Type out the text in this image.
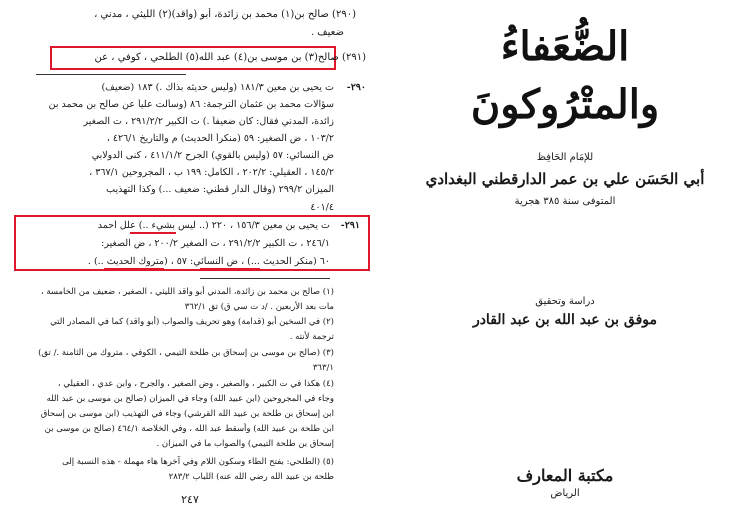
(٢٩٠) صالح بن(١) محمد بن زائدة، أبو (واقد)(٢) الليثي ، مدني ،
ضعيف .
(٢٩١) صالح(٣) بن موسى بن(٤) عبد الله(٥) الطلحي ، كوفي ، عن
٢٩٠-
ت يحيى بن معين ١٨١/٣ (وليس حديثه بذاك .) ١٨٣ (ضعيف)
سؤالات محمد بن عثمان الترجمة: ٨٦ (وسألت علياً عن صالح بن محمد بن
زائدة، المدني فقال: كان ضعيفاً .) ت الكبير ٢٩١/٢/٢ ، ت الصغير
١٠٣/٢ ، ض الصغير: ٥٩ (منكراً الحديث) م والتاريخ ٤٢٦/١ ،
ض النسائي: ٥٧ (وليس بالقوي) الجرح ٤١١/١/٢ ، كنى الدولابي
١٤٥/٢ ، العقيلي: ٢٠٢/٢ ، الكامل: ١٩٩ ب ، المجروحين ٣٦٧/١ ،
الميزان ٢٩٩/٢ (وقال الدار قطني: ضعيف ...) وكذا التهذيب
٤٠١/٤
٢٩١-
ت يحيى بن معين ١٥٦/٣ ، ٢٢٠ (.. ليس بشيء ..) علل أحمد
٢٤٦/١ ، ت الكبير ٢٩١/٢/٢ ، ت الصغير ٢٠٠/٢ ، ض الصغير:
٦٠ (منكر الحديث ...) ، ض النسائي: ٥٧ ، (متروك الحديث ..) .
(١) صالح بن محمد بن زائدة، المدني أبو واقد الليثي ، الصغير ، ضعيف من الخامسة ،
مات بعد الأربعين . /د ت سي ق) تق ٣٦٢/١
(٢) في السخين أبو (قدامة) وهو تحريف والصواب (أبو واقد) كما في المصادر التي
ترجمة لأنته .
(٣) (صالح بن موسى بن إسحاق بن طلحة التيمي ، الكوفي ، متروك من الثامنة ./ تق)
٣٦٣/١
(٤) هكذا في ت الكبير ، والصغير ، وض الصغير ، والجرح ، وابن عدي ، العقيلي ،
وجاء في المجروحين (ابن عبيد الله) وجاء في الميزان (صالح بن موسى بن عبد الله
ابن إسحاق بن طلحة بن عبيد الله القرشي) وجاء في التهذيب (ابن موسى بن إسحاق
ابن طلحة بن عبيد الله) وأسقط عبد الله ، وفي الخلاصة ٤٦٤/١ (صالح بن موسى بن
إسحاق بن طلحة التيمي) والصواب ما في الميزان .
(٥) (الطلحي: بفتح الطاء وسكون اللام وفي آخرها هاء مهملة - هذه النسبة إلى
طلحة بن عبيد الله رضي الله عنه) اللباب ٢٨٣/٢
٢٤٧
الضُّعَفاءُ والمتْرُوكونَ
للإمَام الحَافِظ
أبي الحَسَن علي بن عمر الدارقطني البغدادي
المتوفى سنة ٣٨٥ هجرية
دراسة وتحقيق
موفق بن عبد الله بن عبد القادر
مكتبة المعارف
الرياض
